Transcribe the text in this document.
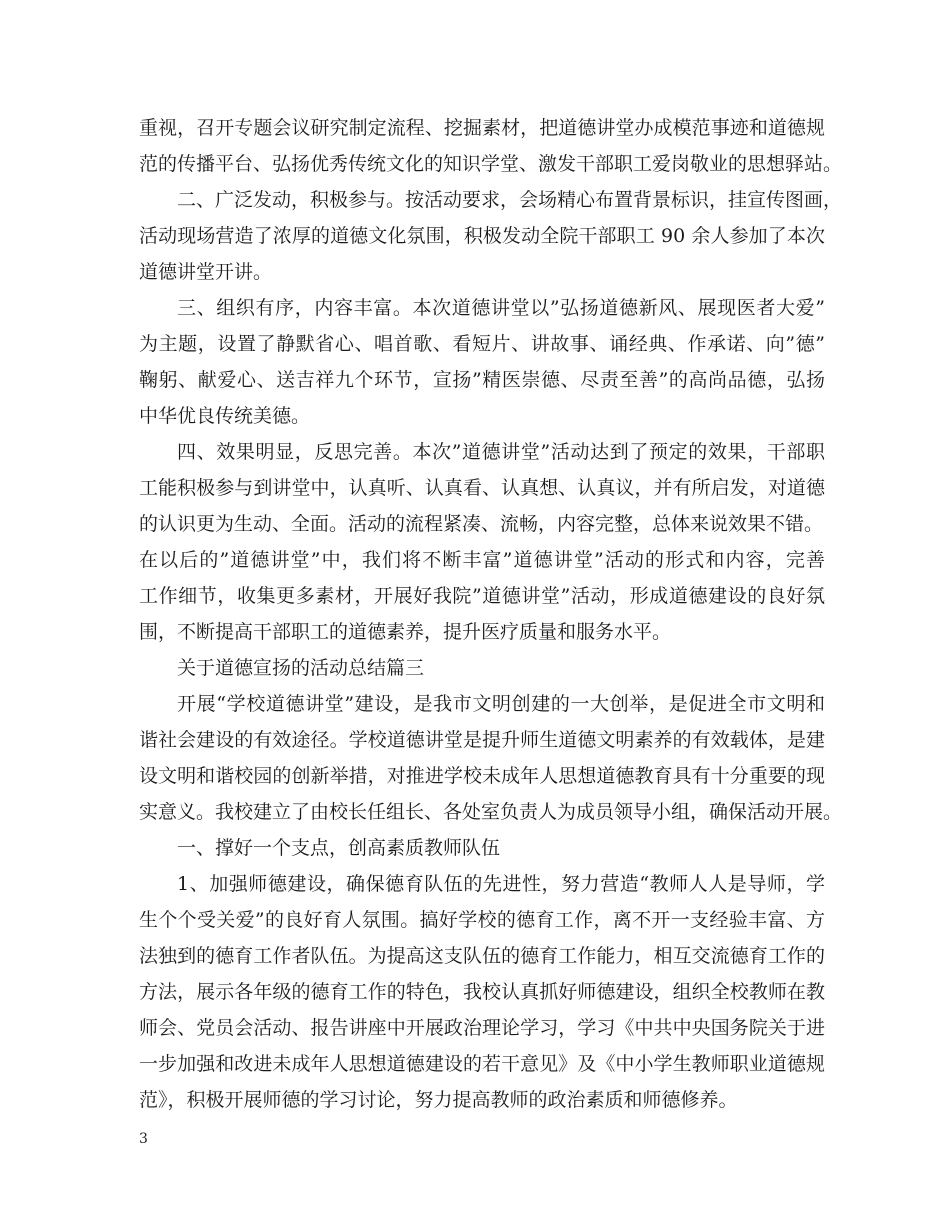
重视，召开专题会议研究制定流程、挖掘素材，把道德讲堂办成模范事迹和道德规
范的传播平台、弘扬优秀传统文化的知识学堂、激发干部职工爱岗敬业的思想驿站。
二、广泛发动，积极参与。按活动要求，会场精心布置背景标识，挂宣传图画，
活动现场营造了浓厚的道德文化氛围，积极发动全院干部职工 90 余人参加了本次
道德讲堂开讲。
三、组织有序，内容丰富。本次道德讲堂以”弘扬道德新风、展现医者大爱”
为主题，设置了静默省心、唱首歌、看短片、讲故事、诵经典、作承诺、向”德”
鞠躬、献爱心、送吉祥九个环节，宣扬”精医崇德、尽责至善”的高尚品德，弘扬
中华优良传统美德。
四、效果明显，反思完善。本次”道德讲堂”活动达到了预定的效果，干部职
工能积极参与到讲堂中，认真听、认真看、认真想、认真议，并有所启发，对道德
的认识更为生动、全面。活动的流程紧凑、流畅，内容完整，总体来说效果不错。
在以后的”道德讲堂”中，我们将不断丰富”道德讲堂”活动的形式和内容，完善
工作细节，收集更多素材，开展好我院”道德讲堂”活动，形成道德建设的良好氛
围，不断提高干部职工的道德素养，提升医疗质量和服务水平。
关于道德宣扬的活动总结篇三
开展“学校道德讲堂”建设，是我市文明创建的一大创举，是促进全市文明和
谐社会建设的有效途径。学校道德讲堂是提升师生道德文明素养的有效载体，是建
设文明和谐校园的创新举措，对推进学校未成年人思想道德教育具有十分重要的现
实意义。我校建立了由校长任组长、各处室负责人为成员领导小组，确保活动开展。
一、撑好一个支点，创高素质教师队伍
1、加强师德建设，确保德育队伍的先进性，努力营造“教师人人是导师，学
生个个受关爱”的良好育人氛围。搞好学校的德育工作，离不开一支经验丰富、方
法独到的德育工作者队伍。为提高这支队伍的德育工作能力，相互交流德育工作的
方法，展示各年级的德育工作的特色，我校认真抓好师德建设，组织全校教师在教
师会、党员会活动、报告讲座中开展政治理论学习，学习《中共中央国务院关于进
一步加强和改进未成年人思想道德建设的若干意见》及《中小学生教师职业道德规
范》，积极开展师德的学习讨论，努力提高教师的政治素质和师德修养。
3
